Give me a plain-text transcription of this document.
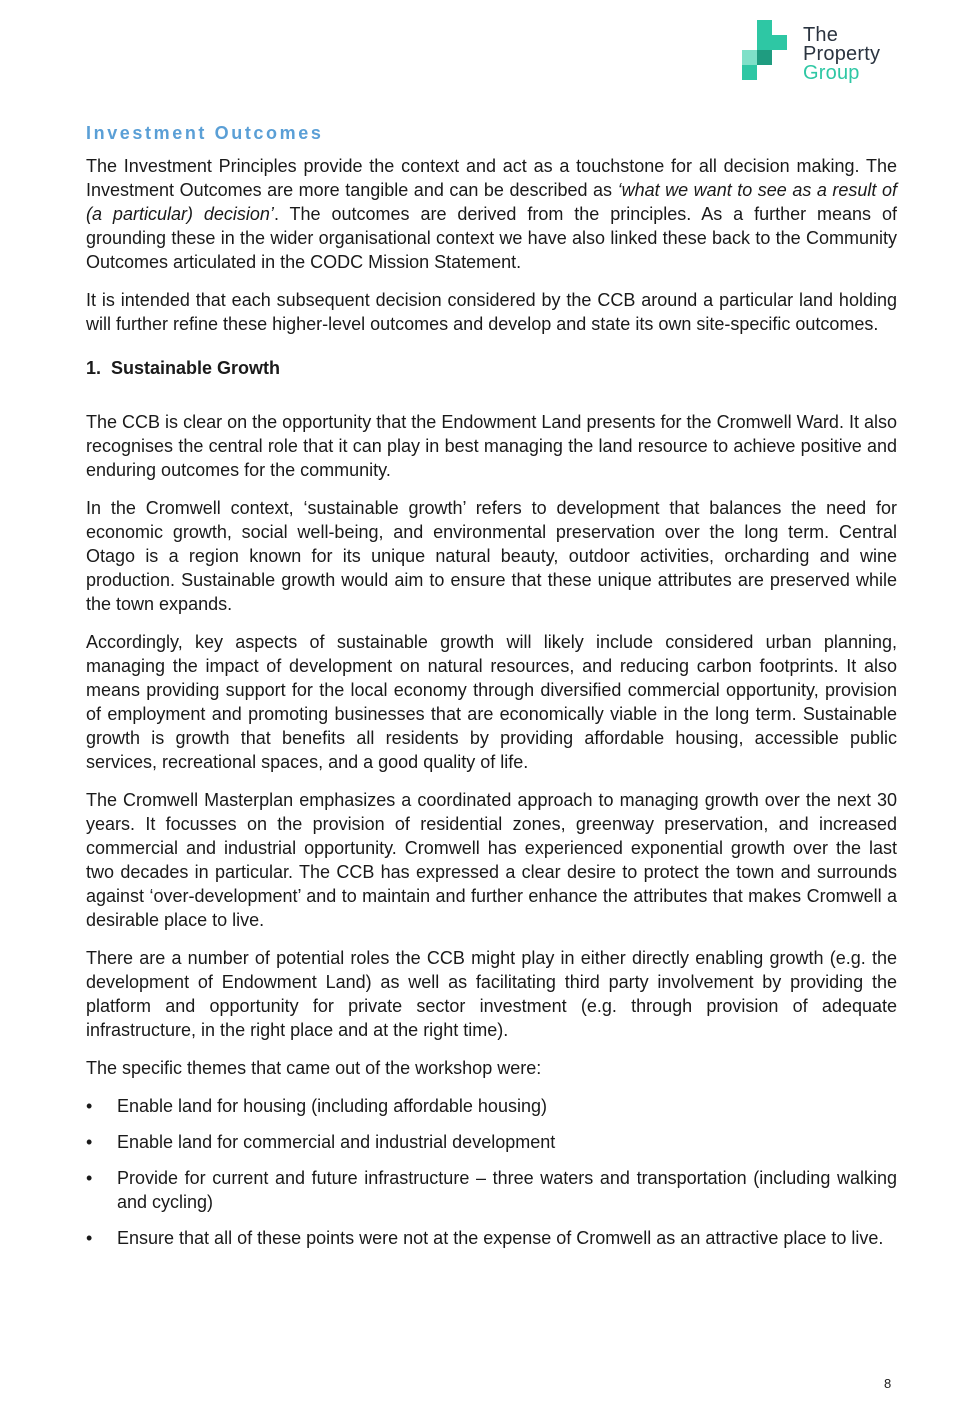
The
Property
Group
Investment Outcomes

The Investment Principles provide the context and act as a touchstone for all decision making. The Investment Outcomes are more tangible and can be described as ‘what we want to see as a result of (a particular) decision’. The outcomes are derived from the principles. As a further means of grounding these in the wider organisational context we have also linked these back to the Community Outcomes articulated in the CODC Mission Statement.

It is intended that each subsequent decision considered by the CCB around a particular land holding will further refine these higher-level outcomes and develop and state its own site-specific outcomes.

1. Sustainable Growth

The CCB is clear on the opportunity that the Endowment Land presents for the Cromwell Ward. It also recognises the central role that it can play in best managing the land resource to achieve positive and enduring outcomes for the community.

In the Cromwell context, ‘sustainable growth’ refers to development that balances the need for economic growth, social well-being, and environmental preservation over the long term. Central Otago is a region known for its unique natural beauty, outdoor activities, orcharding and wine production. Sustainable growth would aim to ensure that these unique attributes are preserved while the town expands.

Accordingly, key aspects of sustainable growth will likely include considered urban planning, managing the impact of development on natural resources, and reducing carbon footprints. It also means providing support for the local economy through diversified commercial opportunity, provision of employment and promoting businesses that are economically viable in the long term. Sustainable growth is growth that benefits all residents by providing affordable housing, accessible public services, recreational spaces, and a good quality of life.

The Cromwell Masterplan emphasizes a coordinated approach to managing growth over the next 30 years. It focusses on the provision of residential zones, greenway preservation, and increased commercial and industrial opportunity. Cromwell has experienced exponential growth over the last two decades in particular. The CCB has expressed a clear desire to protect the town and surrounds against ‘over-development’ and to maintain and further enhance the attributes that makes Cromwell a desirable place to live.

There are a number of potential roles the CCB might play in either directly enabling growth (e.g. the development of Endowment Land) as well as facilitating third party involvement by providing the platform and opportunity for private sector investment (e.g. through provision of adequate infrastructure, in the right place and at the right time).

The specific themes that came out of the workshop were:

• Enable land for housing (including affordable housing)
• Enable land for commercial and industrial development
• Provide for current and future infrastructure – three waters and transportation (including walking and cycling)
• Ensure that all of these points were not at the expense of Cromwell as an attractive place to live.
8
